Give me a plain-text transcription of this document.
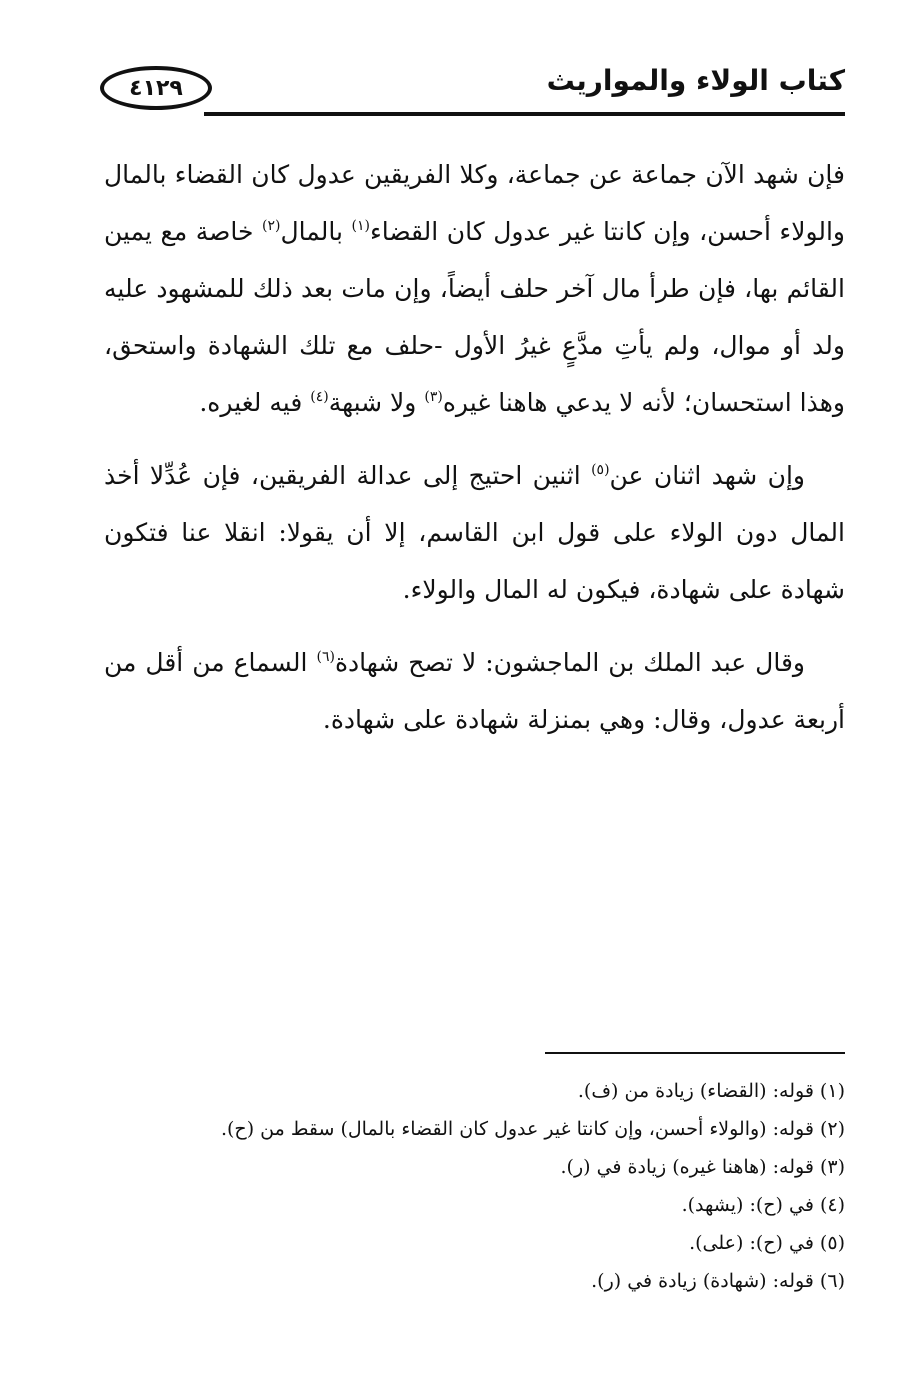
٤١٢٩	كتاب الولاء والمواريث

فإن شهد الآن جماعة عن جماعة، وكلا الفريقين عدول كان القضاء بالمال والولاء أحسن، وإن كانتا غير عدول كان القضاء$^{(١)}$ بالمال$^{(٢)}$ خاصة مع يمين القائم بها، فإن طرأ مال آخر حلف أيضاً، وإن مات بعد ذلك للمشهود عليه ولد أو موال، ولم يأتِ مدَّعٍ غيرُ الأول -حلف مع تلك الشهادة واستحق، وهذا استحسان؛ لأنه لا يدعي هاهنا غيره$^{(٣)}$ ولا شبهة$^{(٤)}$ فيه لغيره.

وإن شهد اثنان عن$^{(٥)}$ اثنين احتيج إلى عدالة الفريقين، فإن عُدِّلا أخذ المال دون الولاء على قول ابن القاسم، إلا أن يقولا: انقلا عنا فتكون شهادة على شهادة، فيكون له المال والولاء.

وقال عبد الملك بن الماجشون: لا تصح شهادة$^{(٦)}$ السماع من أقل من أربعة عدول، وقال: وهي بمنزلة شهادة على شهادة.

(١) قوله: (القضاء) زيادة من (ف).

(٢) قوله: (والولاء أحسن، وإن كانتا غير عدول كان القضاء بالمال) سقط من (ح).

(٣) قوله: (هاهنا غيره) زيادة في (ر).

(٤) في (ح): (يشهد).

(٥) في (ح): (على).

(٦) قوله: (شهادة) زيادة في (ر).
